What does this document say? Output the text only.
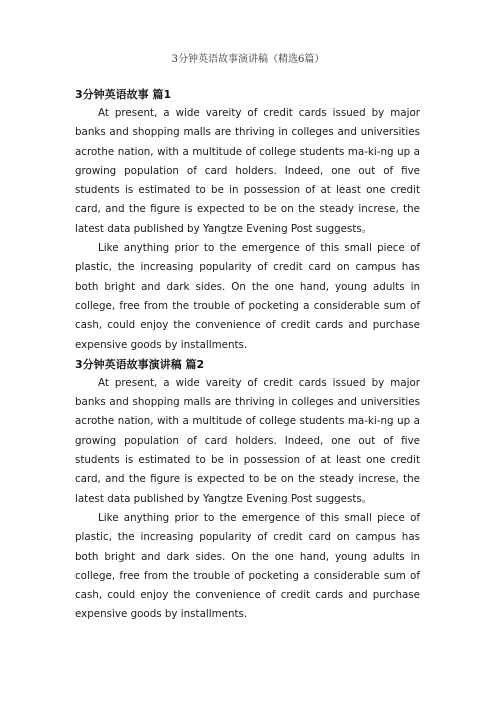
3分钟英语故事演讲稿（精选6篇）

3分钟英语故事 篇1

At present, a wide vareity of credit cards issued by major banks and shopping malls are thriving in colleges and universities acrothe nation, with a multitude of college students ma-ki-ng up a growing population of card holders. Indeed, one out of five students is estimated to be in possession of at least one credit card, and the figure is expected to be on the steady increse, the latest data published by Yangtze Evening Post suggests。

Like anything prior to the emergence of this small piece of plastic, the increasing popularity of credit card on campus has both bright and dark sides. On the one hand, young adults in college, free from the trouble of pocketing a considerable sum of cash, could enjoy the convenience of credit cards and purchase expensive goods by installments.

3分钟英语故事演讲稿 篇2

At present, a wide vareity of credit cards issued by major banks and shopping malls are thriving in colleges and universities acrothe nation, with a multitude of college students ma-ki-ng up a growing population of card holders. Indeed, one out of five students is estimated to be in possession of at least one credit card, and the figure is expected to be on the steady increse, the latest data published by Yangtze Evening Post suggests。

Like anything prior to the emergence of this small piece of plastic, the increasing popularity of credit card on campus has both bright and dark sides. On the one hand, young adults in college, free from the trouble of pocketing a considerable sum of cash, could enjoy the convenience of credit cards and purchase expensive goods by installments.
